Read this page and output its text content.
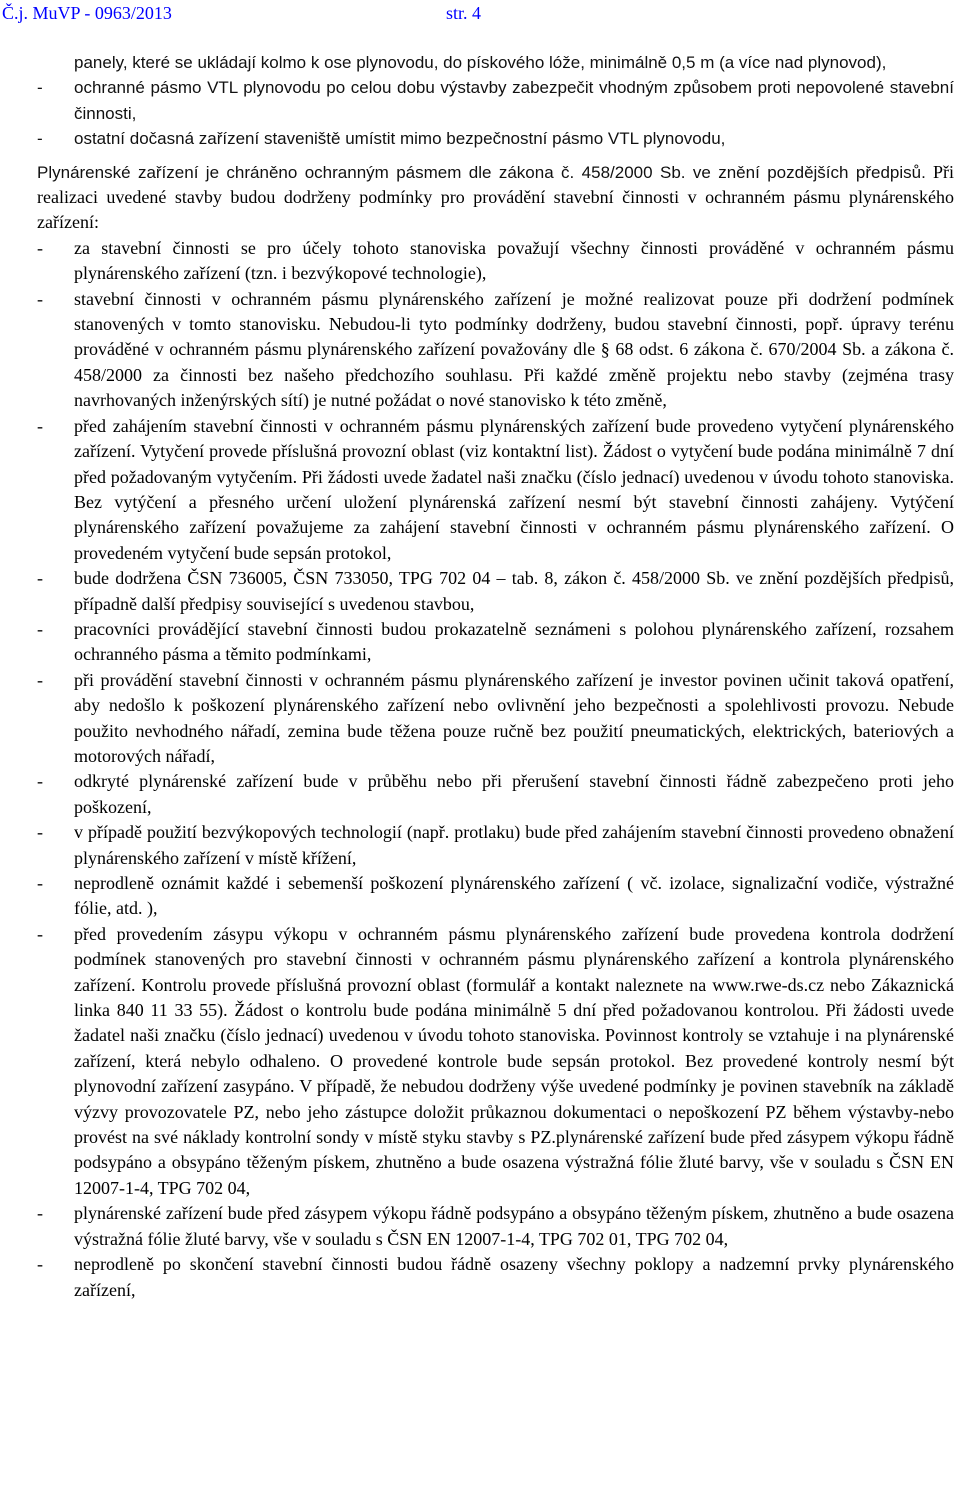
Č.j. MuVP - 0963/2013	str. 4

panely, které se ukládají kolmo k ose plynovodu, do pískového lóže, minimálně 0,5 m (a více nad plynovod),

- ochranné pásmo VTL plynovodu po celou dobu výstavby zabezpečit vhodným způsobem proti nepovolené stavební činnosti,
- ostatní dočasná zařízení staveniště umístit mimo bezpečnostní pásmo VTL plynovodu,

Plynárenské zařízení je chráněno ochranným pásmem dle zákona č. 458/2000 Sb. ve znění pozdějších předpisů. Při realizaci uvedené stavby budou dodrženy podmínky pro provádění stavební činnosti v ochranném pásmu plynárenského zařízení:

- za stavební činnosti se pro účely tohoto stanoviska považují všechny činnosti prováděné v ochranném pásmu plynárenského zařízení (tzn. i bezvýkopové technologie),
- stavební činnosti v ochranném pásmu plynárenského zařízení je možné realizovat pouze při dodržení podmínek stanovených v tomto stanovisku. Nebudou-li tyto podmínky dodrženy, budou stavební činnosti, popř. úpravy terénu prováděné v ochranném pásmu plynárenského zařízení považovány dle § 68 odst. 6 zákona č. 670/2004 Sb. a zákona č. 458/2000 za činnosti bez našeho předchozího souhlasu. Při každé změně projektu nebo stavby (zejména trasy navrhovaných inženýrských sítí) je nutné požádat o nové stanovisko k této změně,
- před zahájením stavební činnosti v ochranném pásmu plynárenských zařízení bude provedeno vytyčení plynárenského zařízení. Vytyčení provede příslušná provozní oblast (viz kontaktní list). Žádost o vytyčení bude podána minimálně 7 dní před požadovaným vytyčením. Při žádosti uvede žadatel naši značku (číslo jednací) uvedenou v úvodu tohoto stanoviska. Bez vytýčení a přesného určení uložení plynárenská zařízení nesmí být stavební činnosti zahájeny. Vytýčení plynárenského zařízení považujeme za zahájení stavební činnosti v ochranném pásmu plynárenského zařízení. O provedeném vytyčení bude sepsán protokol,
- bude dodržena ČSN 736005, ČSN 733050, TPG 702 04 – tab. 8, zákon č. 458/2000 Sb. ve znění pozdějších předpisů, případně další předpisy související s uvedenou stavbou,
- pracovníci provádějící stavební činnosti budou prokazatelně seznámeni s polohou plynárenského zařízení, rozsahem ochranného pásma a těmito podmínkami,
- při provádění stavební činnosti v ochranném pásmu plynárenského zařízení je investor povinen učinit taková opatření, aby nedošlo k poškození plynárenského zařízení nebo ovlivnění jeho bezpečnosti a spolehlivosti provozu. Nebude použito nevhodného nářadí, zemina bude těžena pouze ručně bez použití pneumatických, elektrických, bateriových a motorových nářadí,
- odkryté plynárenské zařízení bude v průběhu nebo při přerušení stavební činnosti řádně zabezpečeno proti jeho poškození,
- v případě použití bezvýkopových technologií (např. protlaku) bude před zahájením stavební činnosti provedeno obnažení plynárenského zařízení v místě křížení,
- neprodleně oznámit každé i sebemenší poškození plynárenského zařízení ( vč. izolace, signalizační vodiče, výstražné fólie, atd. ),
- před provedením zásypu výkopu v ochranném pásmu plynárenského zařízení bude provedena kontrola dodržení podmínek stanovených pro stavební činnosti v ochranném pásmu plynárenského zařízení a kontrola plynárenského zařízení. Kontrolu provede příslušná provozní oblast (formulář a kontakt naleznete na www.rwe-ds.cz nebo Zákaznická linka 840 11 33 55). Žádost o kontrolu bude podána minimálně 5 dní před požadovanou kontrolou. Při žádosti uvede žadatel naši značku (číslo jednací) uvedenou v úvodu tohoto stanoviska. Povinnost kontroly se vztahuje i na plynárenské zařízení, která nebylo odhaleno. O provedené kontrole bude sepsán protokol. Bez provedené kontroly nesmí být plynovodní zařízení zasypáno. V případě, že nebudou dodrženy výše uvedené podmínky je povinen stavebník na základě výzvy provozovatele PZ, nebo jeho zástupce doložit průkaznou dokumentaci o nepoškození PZ během výstavby-nebo provést na své náklady kontrolní sondy v místě styku stavby s PZ.plynárenské zařízení bude před zásypem výkopu řádně podsypáno a obsypáno těženým pískem, zhutněno a bude osazena výstražná fólie žluté barvy, vše v souladu s ČSN EN 12007-1-4, TPG 702 04,
- plynárenské zařízení bude před zásypem výkopu řádně podsypáno a obsypáno těženým pískem, zhutněno a bude osazena výstražná fólie žluté barvy, vše v souladu s ČSN EN 12007-1-4, TPG 702 01, TPG 702 04,
- neprodleně po skončení stavební činnosti budou řádně osazeny všechny poklopy a nadzemní prvky plynárenského zařízení,
